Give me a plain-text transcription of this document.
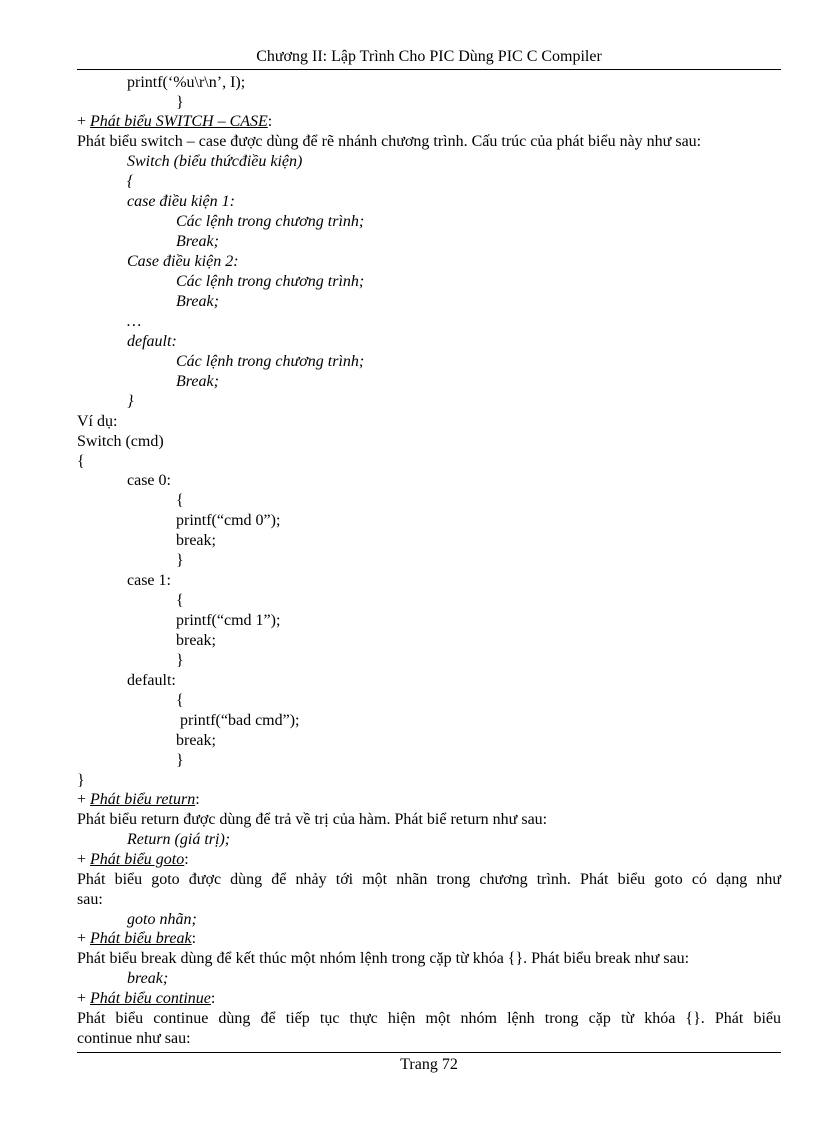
Chương II: Lập Trình Cho PIC Dùng PIC C Compiler
printf(‘%u\r\n’, I);
}
+ Phát biểu SWITCH – CASE:
Phát biểu switch – case được dùng để rẽ nhánh chương trình. Cấu trúc của phát biểu này như sau:
Switch (biểu thứcđiều kiện)
{
case điều kiện 1:
Các lệnh trong chương trình;
Break;
Case điều kiện 2:
Các lệnh trong chương trình;
Break;
…
default:
Các lệnh trong chương trình;
Break;
}
Ví dụ:
Switch (cmd)
{
case 0:
{
printf(“cmd 0”);
break;
}
case 1:
{
printf(“cmd 1”);
break;
}
default:
{
printf(“bad cmd”);
break;
}
}
+ Phát biểu return:
Phát biểu return được dùng để trả về trị của hàm. Phát biể return như sau:
Return (giá trị);
+ Phát biểu goto:
Phát biểu goto được dùng để nhảy tới một nhãn trong chương trình. Phát biểu goto có dạng như
sau:
goto nhãn;
+ Phát biểu break:
Phát biểu break dùng để kết thúc một nhóm lệnh trong cặp từ khóa {}. Phát biểu break như sau:
break;
+ Phát biểu continue:
Phát biểu continue dùng để tiếp tục thực hiện một nhóm lệnh trong cặp từ khóa {}. Phát biểu
continue như sau:
Trang 72
